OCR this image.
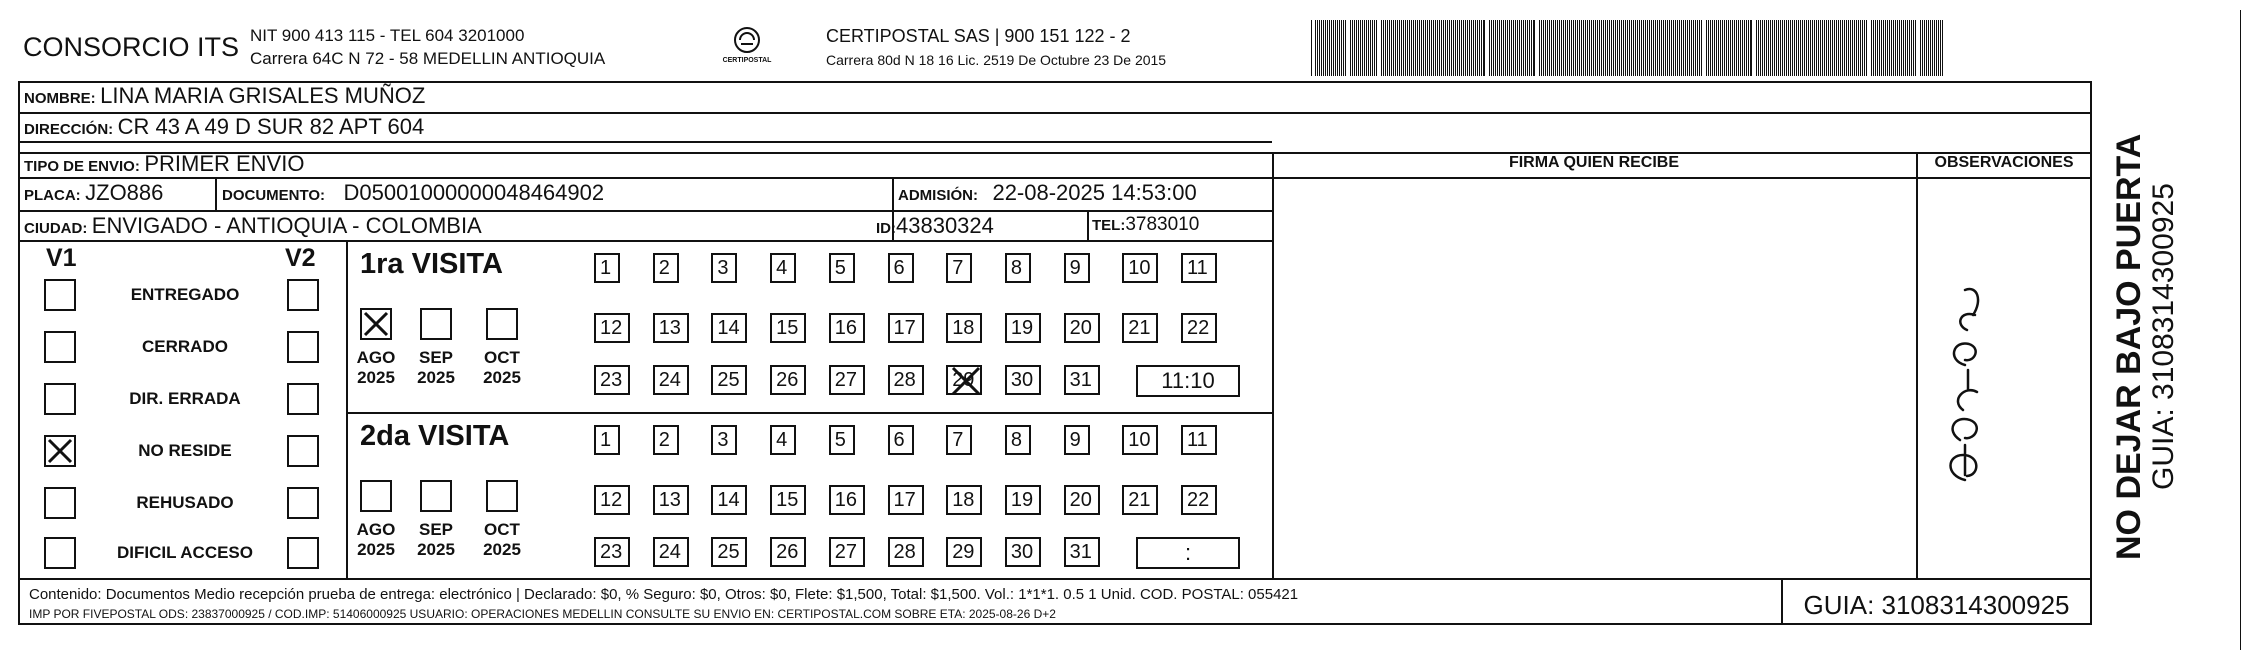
CONSORCIO ITS NIT 900 413 115 - TEL 604 3201000
Carrera 64C N 72 - 58 MEDELLIN ANTIOQUIA	CERTIPOSTAL
CERTIPOSTAL SAS | 900 151 122 - 2
Carrera 80d N 18 16 Lic. 2519 De Octubre 23 De 2015
NOMBRE: LINA MARIA GRISALES MUÑOZ
DIRECCIÓN: CR 43 A 49 D SUR 82 APT 604
TIPO DE ENVIO: PRIMER ENVIO
PLACA: JZO886	DOCUMENTO: D05001000000048464902	ADMISIÓN: 22-08-2025 14:53:00
CIUDAD: ENVIGADO - ANTIOQUIA - COLOMBIA	ID:43830324	TEL:3783010
FIRMA QUIEN RECIBE	OBSERVACIONES
V1	V2
ENTREGADO
CERRADO
DIR. ERRADA
NO RESIDE
REHUSADO
DIFICIL ACCESO
1ra VISITA
AGO
2025
SEP
2025
OCT
2025
1	2	3	4	5	6	7	8	9	10	11
12	13	14	15	16	17	18	19	20	21	22
23	24	25	26	27	28	29	30	31	11:10
2da VISITA
AGO
2025
SEP
2025
OCT
2025
1	2	3	4	5	6	7	8	9	10	11
12	13	14	15	16	17	18	19	20	21	22
23	24	25	26	27	28	29	30	31	:
Contenido: Documentos Medio recepción prueba de entrega: electrónico | Declarado: $0, % Seguro: $0, Otros: $0, Flete: $1,500, Total: $1,500. Vol.: 1*1*1. 0.5 1 Unid. COD. POSTAL: 055421
IMP POR FIVEPOSTAL ODS: 23837000925 / COD.IMP: 51406000925 USUARIO: OPERACIONES MEDELLIN CONSULTE SU ENVIO EN: CERTIPOSTAL.COM SOBRE ETA: 2025-08-26 D+2	GUIA: 3108314300925
NO DEJAR BAJO PUERTA GUIA: 3108314300925
